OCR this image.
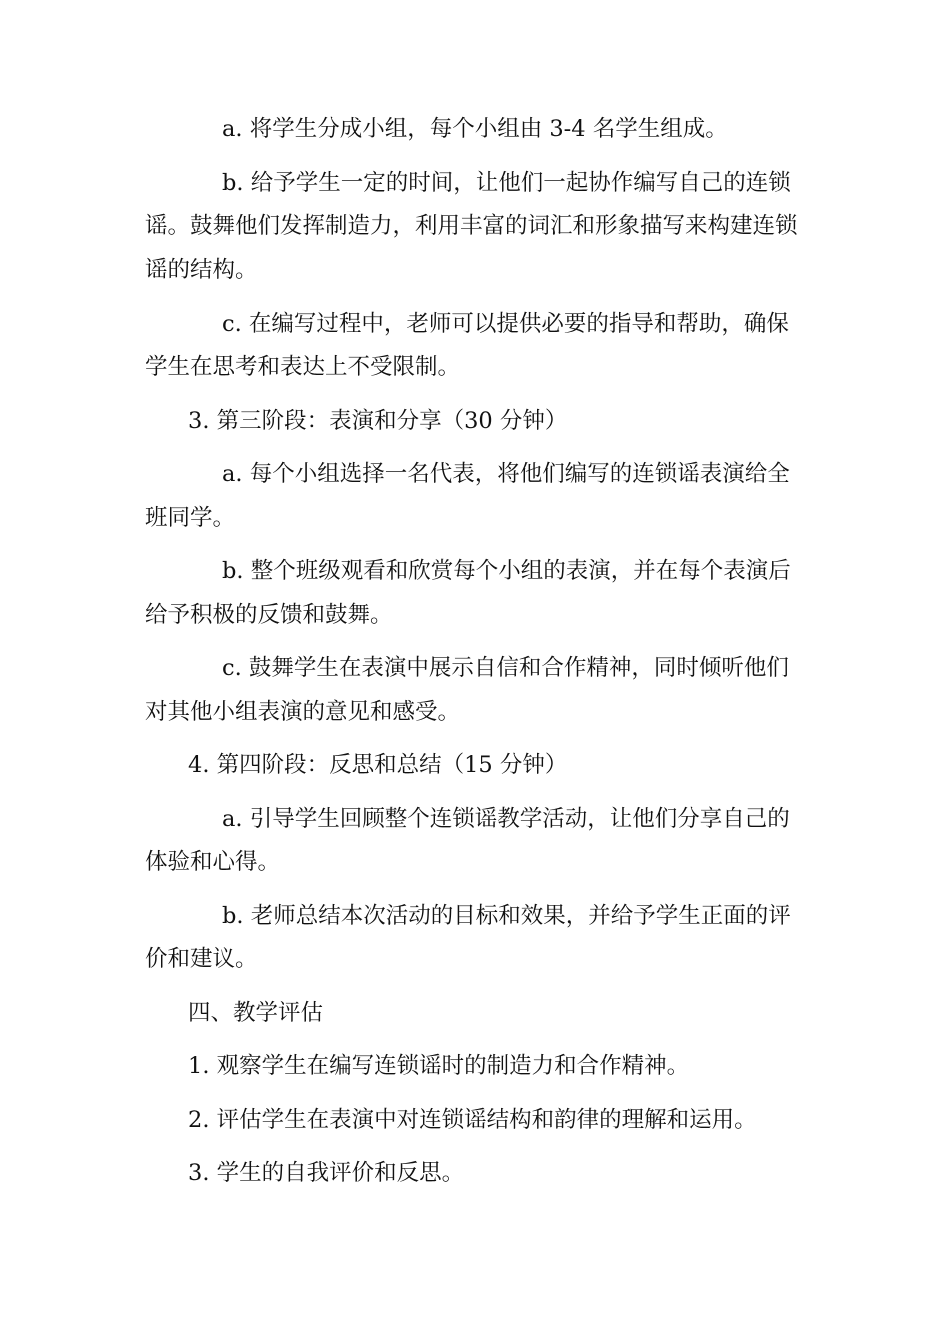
a. 将学生分成小组，每个小组由 3-4 名学生组成。
b. 给予学生一定的时间，让他们一起协作编写自己的连锁
谣。鼓舞他们发挥制造力，利用丰富的词汇和形象描写来构建连锁
谣的结构。
c. 在编写过程中，老师可以提供必要的指导和帮助，确保
学生在思考和表达上不受限制。
3. 第三阶段：表演和分享（30 分钟）
a. 每个小组选择一名代表，将他们编写的连锁谣表演给全
班同学。
b. 整个班级观看和欣赏每个小组的表演，并在每个表演后
给予积极的反馈和鼓舞。
c. 鼓舞学生在表演中展示自信和合作精神，同时倾听他们
对其他小组表演的意见和感受。
4. 第四阶段：反思和总结（15 分钟）
a. 引导学生回顾整个连锁谣教学活动，让他们分享自己的
体验和心得。
b. 老师总结本次活动的目标和效果，并给予学生正面的评
价和建议。
四、教学评估
1. 观察学生在编写连锁谣时的制造力和合作精神。
2. 评估学生在表演中对连锁谣结构和韵律的理解和运用。
3. 学生的自我评价和反思。
